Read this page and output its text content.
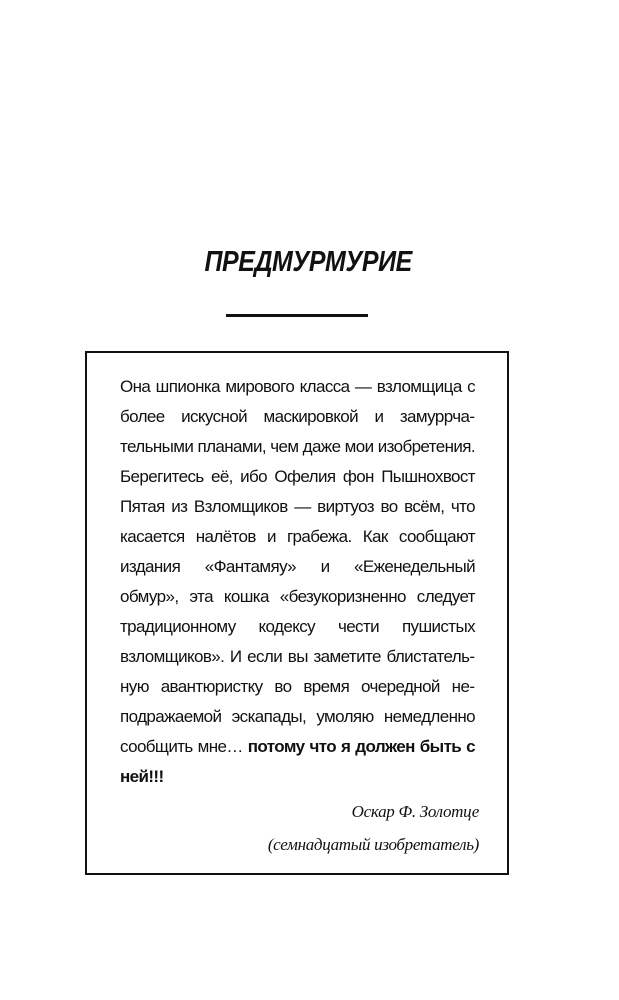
ПРЕДМУРМУРИЕ

Она шпионка мирового класса — взломщица с более искусной маскировкой и замуррчательными планами, чем даже мои изобретения. Берегитесь её, ибо Офелия фон Пышнохвост Пятая из Взломщиков — виртуоз во всём, что касается налётов и грабежа. Как сообщают издания «Фантамяу» и «Еженедельный обмур», эта кошка «безукоризненно следует традиционному кодексу чести пушистых взломщиков». И если вы заметите блистательную авантюристку во время очередной неподражаемой эскапады, умоляю немедленно сообщить мне… потому что я должен быть с ней!!!

Оскар Ф. Золотце
(семнадцатый изобретатель)
